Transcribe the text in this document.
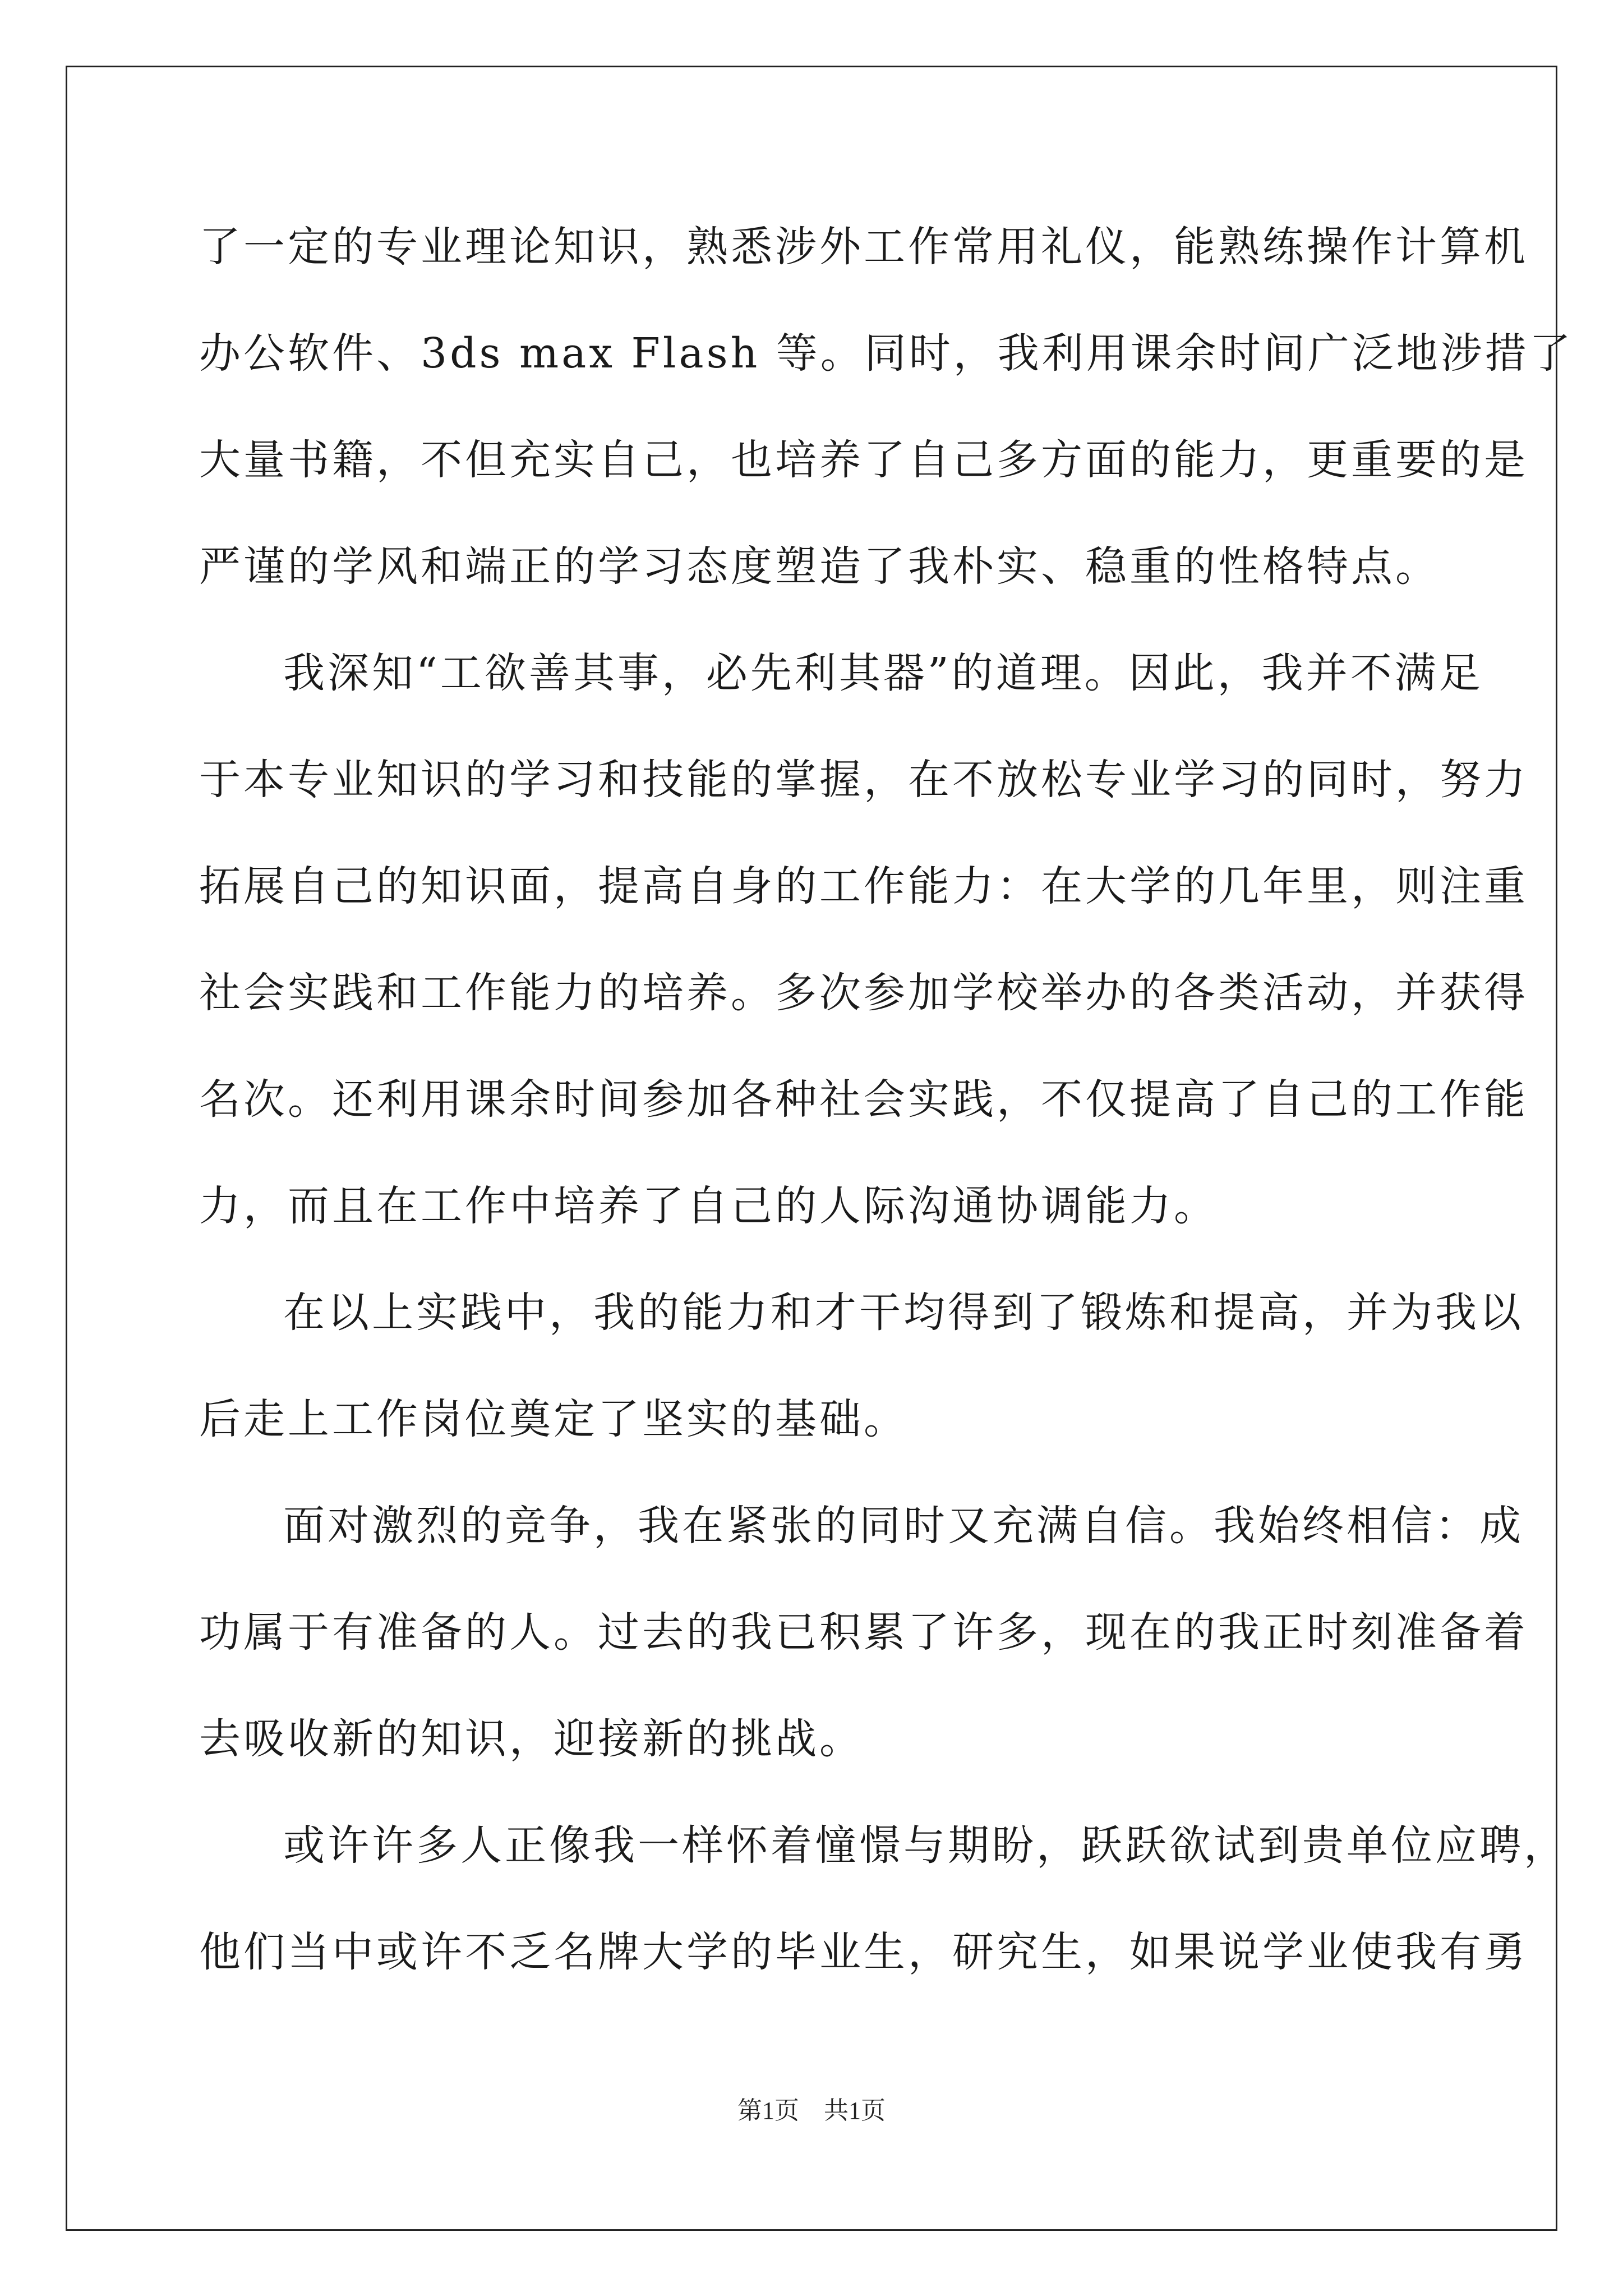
了一定的专业理论知识，熟悉涉外工作常用礼仪，能熟练操作计算机
办公软件、3ds max Flash 等。同时，我利用课余时间广泛地涉措了
大量书籍，不但充实自己，也培养了自己多方面的能力，更重要的是
严谨的学风和端正的学习态度塑造了我朴实、稳重的性格特点。
我深知“工欲善其事，必先利其器”的道理。因此，我并不满足
于本专业知识的学习和技能的掌握，在不放松专业学习的同时，努力
拓展自己的知识面，提高自身的工作能力：在大学的几年里，则注重
社会实践和工作能力的培养。多次参加学校举办的各类活动，并获得
名次。还利用课余时间参加各种社会实践，不仅提高了自己的工作能
力，而且在工作中培养了自己的人际沟通协调能力。
在以上实践中，我的能力和才干均得到了锻炼和提高，并为我以
后走上工作岗位奠定了坚实的基础。
面对激烈的竞争，我在紧张的同时又充满自信。我始终相信：成
功属于有准备的人。过去的我已积累了许多，现在的我正时刻准备着
去吸收新的知识，迎接新的挑战。
或许许多人正像我一样怀着憧憬与期盼，跃跃欲试到贵单位应聘，
他们当中或许不乏名牌大学的毕业生，研究生，如果说学业使我有勇
第1页　共1页
